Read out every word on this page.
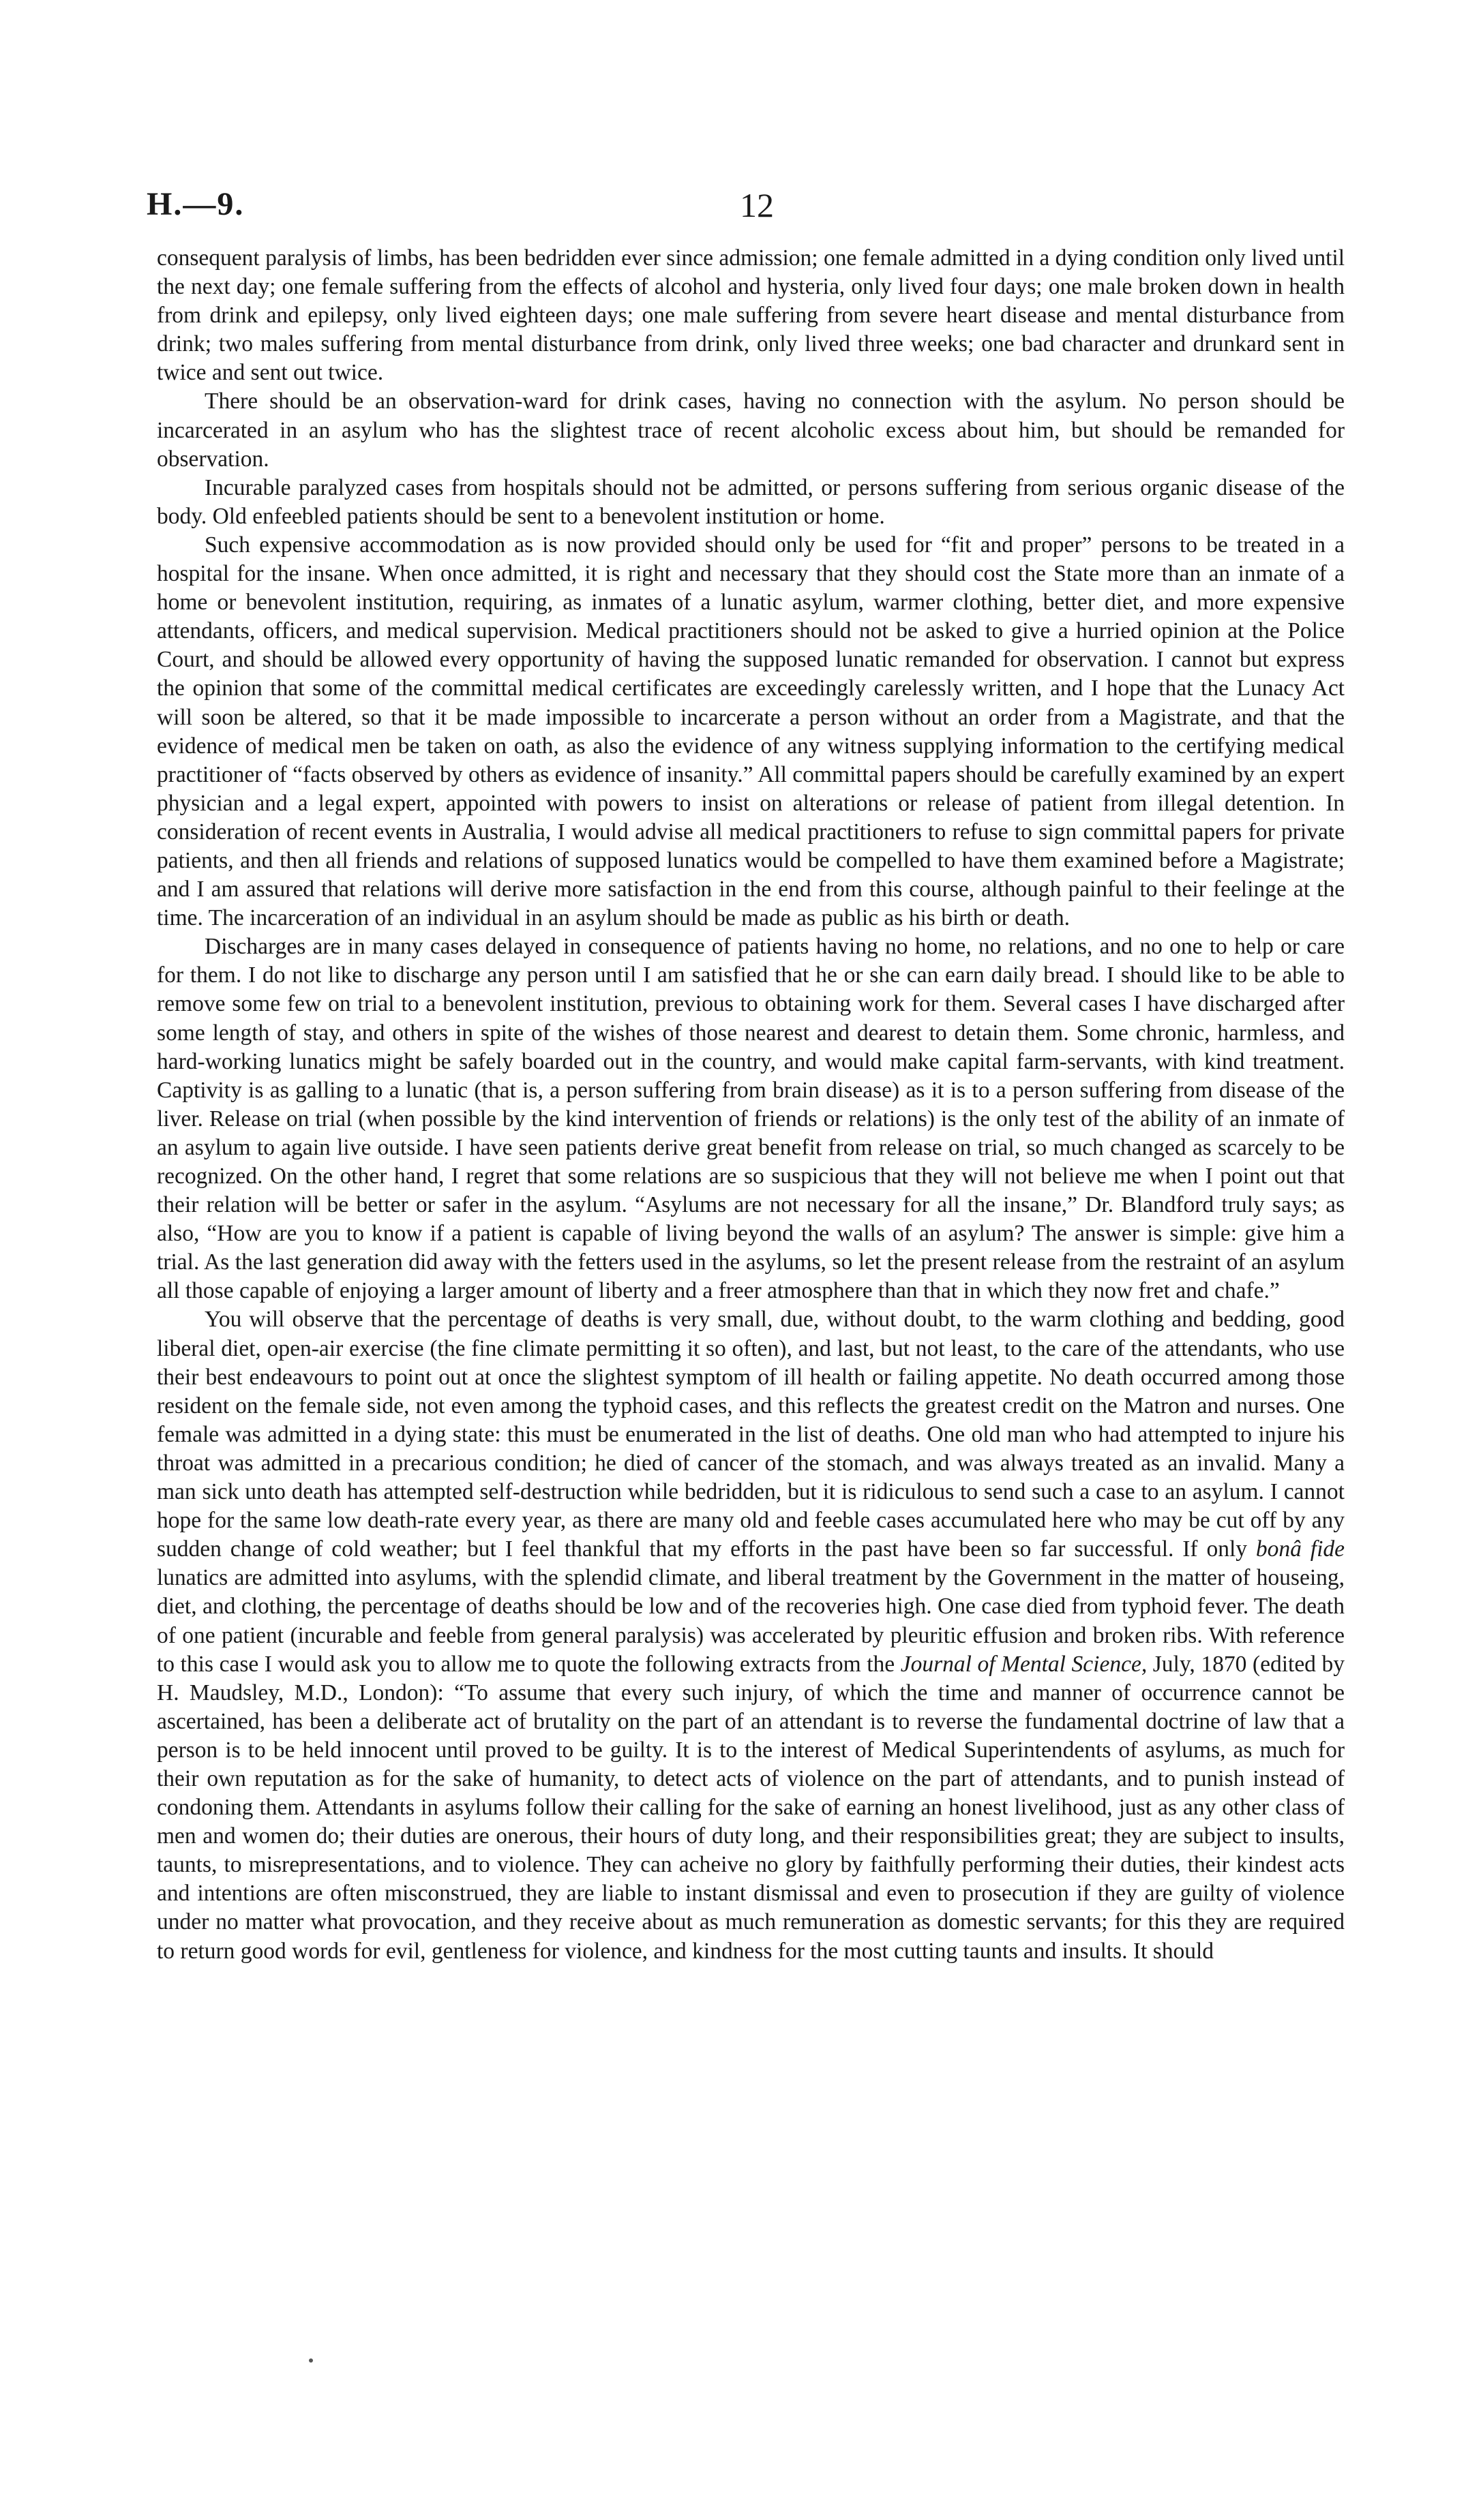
H.—9.	12

consequent paralysis of limbs, has been bedridden ever since admission; one female admitted in a dying condition only lived until the next day; one female suffering from the effects of alcohol and hysteria, only lived four days; one male broken down in health from drink and epilepsy, only lived eighteen days; one male suffering from severe heart disease and mental disturbance from drink; two males suffering from mental disturbance from drink, only lived three weeks; one bad character and drunkard sent in twice and sent out twice.

There should be an observation-ward for drink cases, having no connection with the asylum. No person should be incarcerated in an asylum who has the slightest trace of recent alcoholic excess about him, but should be remanded for observation.

Incurable paralyzed cases from hospitals should not be admitted, or persons suffering from serious organic disease of the body. Old enfeebled patients should be sent to a benevolent institution or home.

Such expensive accommodation as is now provided should only be used for “fit and proper” persons to be treated in a hospital for the insane. When once admitted, it is right and necessary that they should cost the State more than an inmate of a home or benevolent institution, requiring, as inmates of a lunatic asylum, warmer clothing, better diet, and more expensive attendants, officers, and medical supervision. Medical practitioners should not be asked to give a hurried opinion at the Police Court, and should be allowed every opportunity of having the supposed lunatic remanded for observation. I cannot but express the opinion that some of the committal medical certificates are exceedingly carelessly written, and I hope that the Lunacy Act will soon be altered, so that it be made impossible to incarcerate a person without an order from a Magistrate, and that the evidence of medical men be taken on oath, as also the evidence of any witness supplying information to the certifying medical practitioner of “facts observed by others as evidence of insanity.” All committal papers should be carefully examined by an expert physician and a legal expert, appointed with powers to insist on alterations or release of patient from illegal detention. In consideration of recent events in Australia, I would advise all medical practitioners to refuse to sign committal papers for private patients, and then all friends and relations of supposed lunatics would be compelled to have them examined before a Magistrate; and I am assured that relations will derive more satisfaction in the end from this course, although painful to their feelinge at the time. The incarceration of an individual in an asylum should be made as public as his birth or death.

Discharges are in many cases delayed in consequence of patients having no home, no relations, and no one to help or care for them. I do not like to discharge any person until I am satisfied that he or she can earn daily bread. I should like to be able to remove some few on trial to a benevolent institution, previous to obtaining work for them. Several cases I have discharged after some length of stay, and others in spite of the wishes of those nearest and dearest to detain them. Some chronic, harmless, and hard-working lunatics might be safely boarded out in the country, and would make capital farm-servants, with kind treatment. Captivity is as galling to a lunatic (that is, a person suffering from brain disease) as it is to a person suffering from disease of the liver. Release on trial (when possible by the kind intervention of friends or relations) is the only test of the ability of an inmate of an asylum to again live outside. I have seen patients derive great benefit from release on trial, so much changed as scarcely to be recognized. On the other hand, I regret that some relations are so suspicious that they will not believe me when I point out that their relation will be better or safer in the asylum. “Asylums are not necessary for all the insane,” Dr. Blandford truly says; as also, “How are you to know if a patient is capable of living beyond the walls of an asylum? The answer is simple: give him a trial. As the last generation did away with the fetters used in the asylums, so let the present release from the restraint of an asylum all those capable of enjoying a larger amount of liberty and a freer atmosphere than that in which they now fret and chafe.”

You will observe that the percentage of deaths is very small, due, without doubt, to the warm clothing and bedding, good liberal diet, open-air exercise (the fine climate permitting it so often), and last, but not least, to the care of the attendants, who use their best endeavours to point out at once the slightest symptom of ill health or failing appetite. No death occurred among those resident on the female side, not even among the typhoid cases, and this reflects the greatest credit on the Matron and nurses. One female was admitted in a dying state: this must be enumerated in the list of deaths. One old man who had attempted to injure his throat was admitted in a precarious condition; he died of cancer of the stomach, and was always treated as an invalid. Many a man sick unto death has attempted self-destruction while bedridden, but it is ridiculous to send such a case to an asylum. I cannot hope for the same low death-rate every year, as there are many old and feeble cases accumulated here who may be cut off by any sudden change of cold weather; but I feel thankful that my efforts in the past have been so far successful. If only bonâ fide lunatics are admitted into asylums, with the splendid climate, and liberal treatment by the Government in the matter of houseing, diet, and clothing, the percentage of deaths should be low and of the recoveries high. One case died from typhoid fever. The death of one patient (incurable and feeble from general paralysis) was accelerated by pleuritic effusion and broken ribs. With reference to this case I would ask you to allow me to quote the following extracts from the Journal of Mental Science, July, 1870 (edited by H. Maudsley, M.D., London): “To assume that every such injury, of which the time and manner of occurrence cannot be ascertained, has been a deliberate act of brutality on the part of an attendant is to reverse the fundamental doctrine of law that a person is to be held innocent until proved to be guilty. It is to the interest of Medical Superintendents of asylums, as much for their own reputation as for the sake of humanity, to detect acts of violence on the part of attendants, and to punish instead of condoning them. Attendants in asylums follow their calling for the sake of earning an honest livelihood, just as any other class of men and women do; their duties are onerous, their hours of duty long, and their responsibilities great; they are subject to insults, taunts, to misrepresentations, and to violence. They can acheive no glory by faithfully performing their duties, their kindest acts and intentions are often misconstrued, they are liable to instant dismissal and even to prosecution if they are guilty of violence under no matter what provocation, and they receive about as much remuneration as domestic servants; for this they are required to return good words for evil, gentleness for violence, and kindness for the most cutting taunts and insults. It should
